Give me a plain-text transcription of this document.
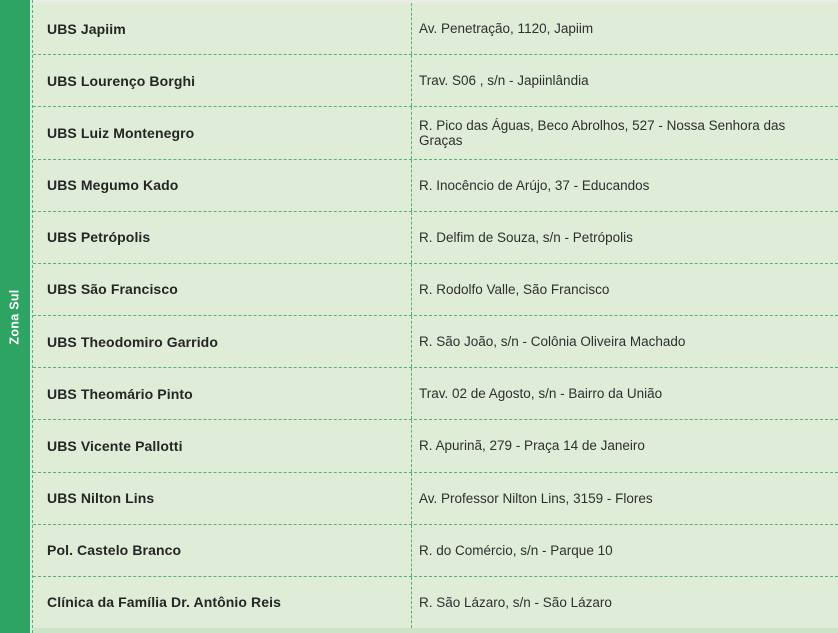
Zona Sul
UBS Japiim	Av. Penetração, 1120, Japiim
UBS Lourenço Borghi	Trav. S06 , s/n - Japiinlândia
UBS Luiz Montenegro	R. Pico das Águas, Beco Abrolhos, 527 - Nossa Senhora das Graças
UBS Megumo Kado	R. Inocêncio de Arújo, 37 - Educandos
UBS Petrópolis	R. Delfim de Souza, s/n - Petrópolis
UBS São Francisco	R. Rodolfo Valle, São Francisco
UBS Theodomiro Garrido	R. São João, s/n - Colônia Oliveira Machado
UBS Theomário Pinto	Trav. 02 de Agosto, s/n - Bairro da União
UBS Vicente Pallotti	R. Apurinã, 279 - Praça 14 de Janeiro
UBS Nilton Lins	Av. Professor Nilton Lins, 3159 - Flores
Pol. Castelo Branco	R. do Comércio, s/n - Parque 10
Clínica da Família Dr. Antônio Reis	R. São Lázaro, s/n - São Lázaro
